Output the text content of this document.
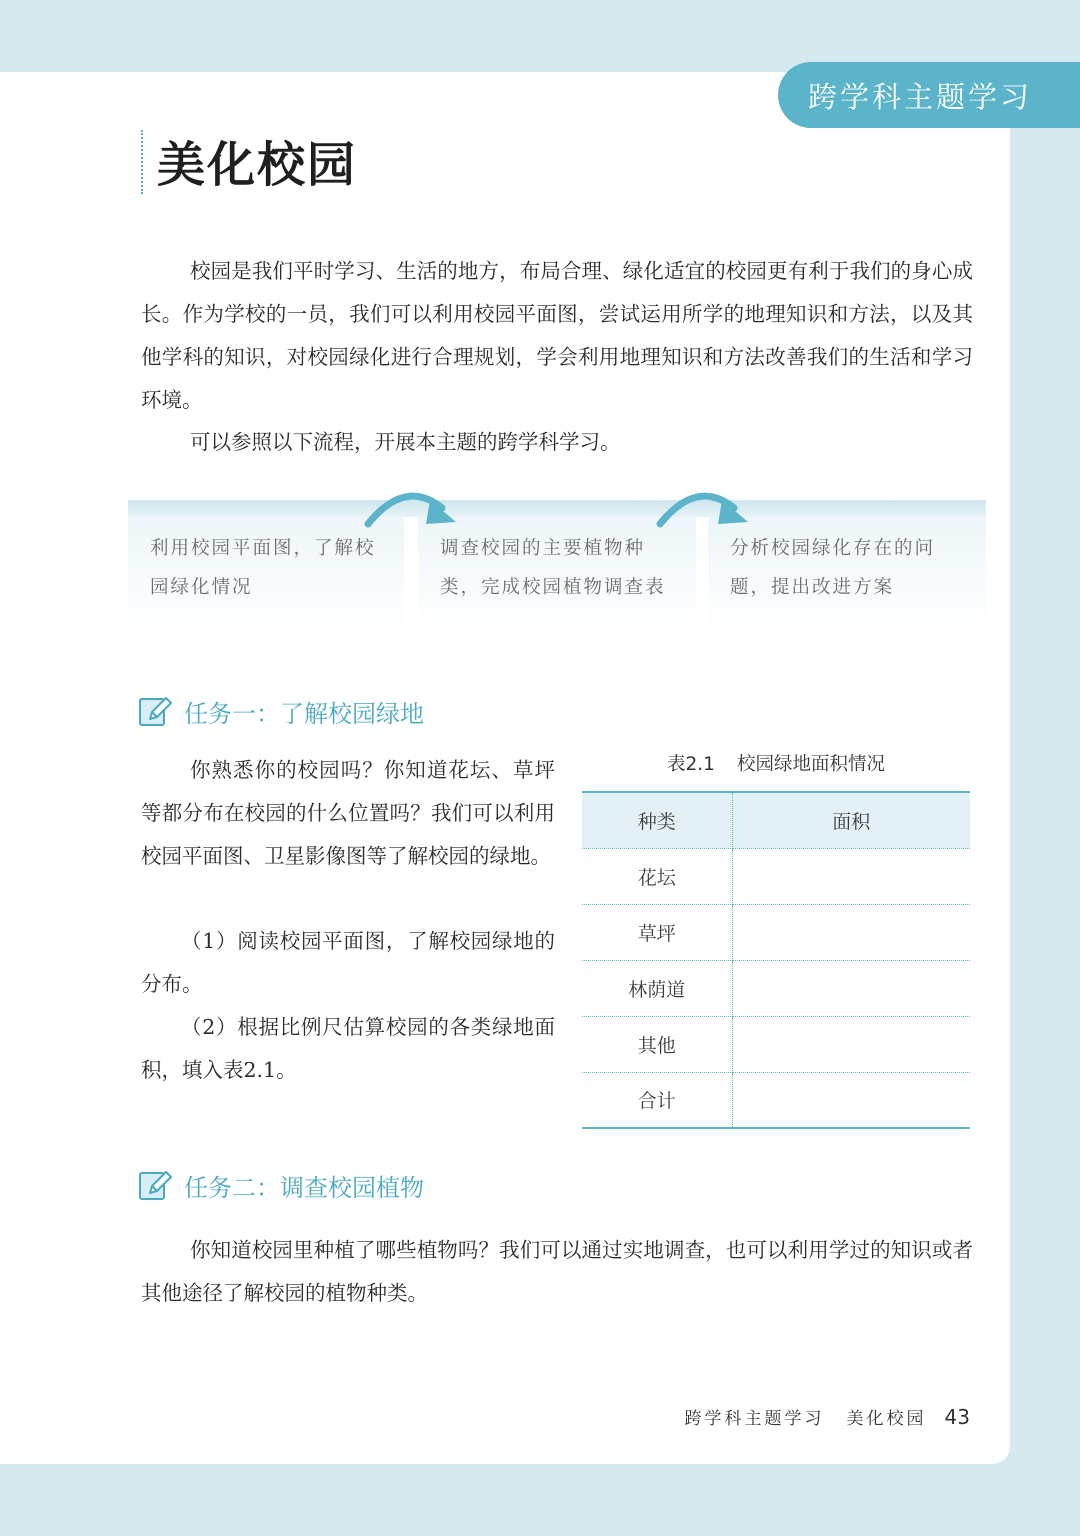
跨学科主题学习
美化校园

校园是我们平时学习、生活的地方，布局合理、绿化适宜的校园更有利于我们的身心成长。作为学校的一员，我们可以利用校园平面图，尝试运用所学的地理知识和方法，以及其他学科的知识，对校园绿化进行合理规划，学会利用地理知识和方法改善我们的生活和学习环境。

可以参照以下流程，开展本主题的跨学科学习。

利用校园平面图，了解校园绿化情况
调查校园的主要植物种类，完成校园植物调查表
分析校园绿化存在的问题，提出改进方案
任务一：了解校园绿地

你熟悉你的校园吗？你知道花坛、草坪等都分布在校园的什么位置吗？我们可以利用校园平面图、卫星影像图等了解校园的绿地。

（1）阅读校园平面图，了解校园绿地的分布。

（2）根据比例尺估算校园的各类绿地面积，填入表2.1。

表2.1 校园绿地面积情况
种类	面积
花坛	
草坪	
林荫道	
其他	
合计	
任务二：调查校园植物

你知道校园里种植了哪些植物吗？我们可以通过实地调查，也可以利用学过的知识或者其他途径了解校园的植物种类。

跨学科主题学习 美化校园 43
